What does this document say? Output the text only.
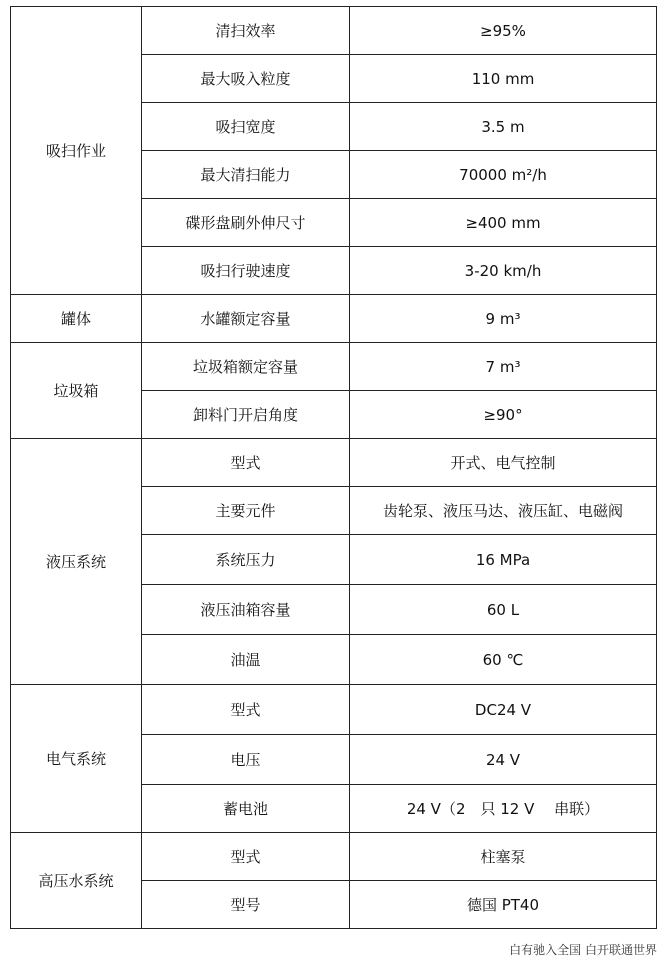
吸扫作业	清扫效率	≥95%
	最大吸入粒度	110 mm
	吸扫宽度	3.5 m
	最大清扫能力	70000 m²/h
	碟形盘刷外伸尺寸	≥400 mm
	吸扫行驶速度	3-20 km/h
罐体	水罐额定容量	9 m³
垃圾箱	垃圾箱额定容量	7 m³
	卸料门开启角度	≥90°
液压系统	型式	开式、电气控制
	主要元件	齿轮泵、液压马达、液压缸、电磁阀
	系统压力	16 MPa
	液压油箱容量	60 L
	油温	60 ℃
电气系统	型式	DC24 V
	电压	24 V
	蓄电池	24 V（2　只 12 V　 串联）
高压水系统	型式	柱塞泵
	型号	德国 PT40
白有驰入全国 白开联通世界
